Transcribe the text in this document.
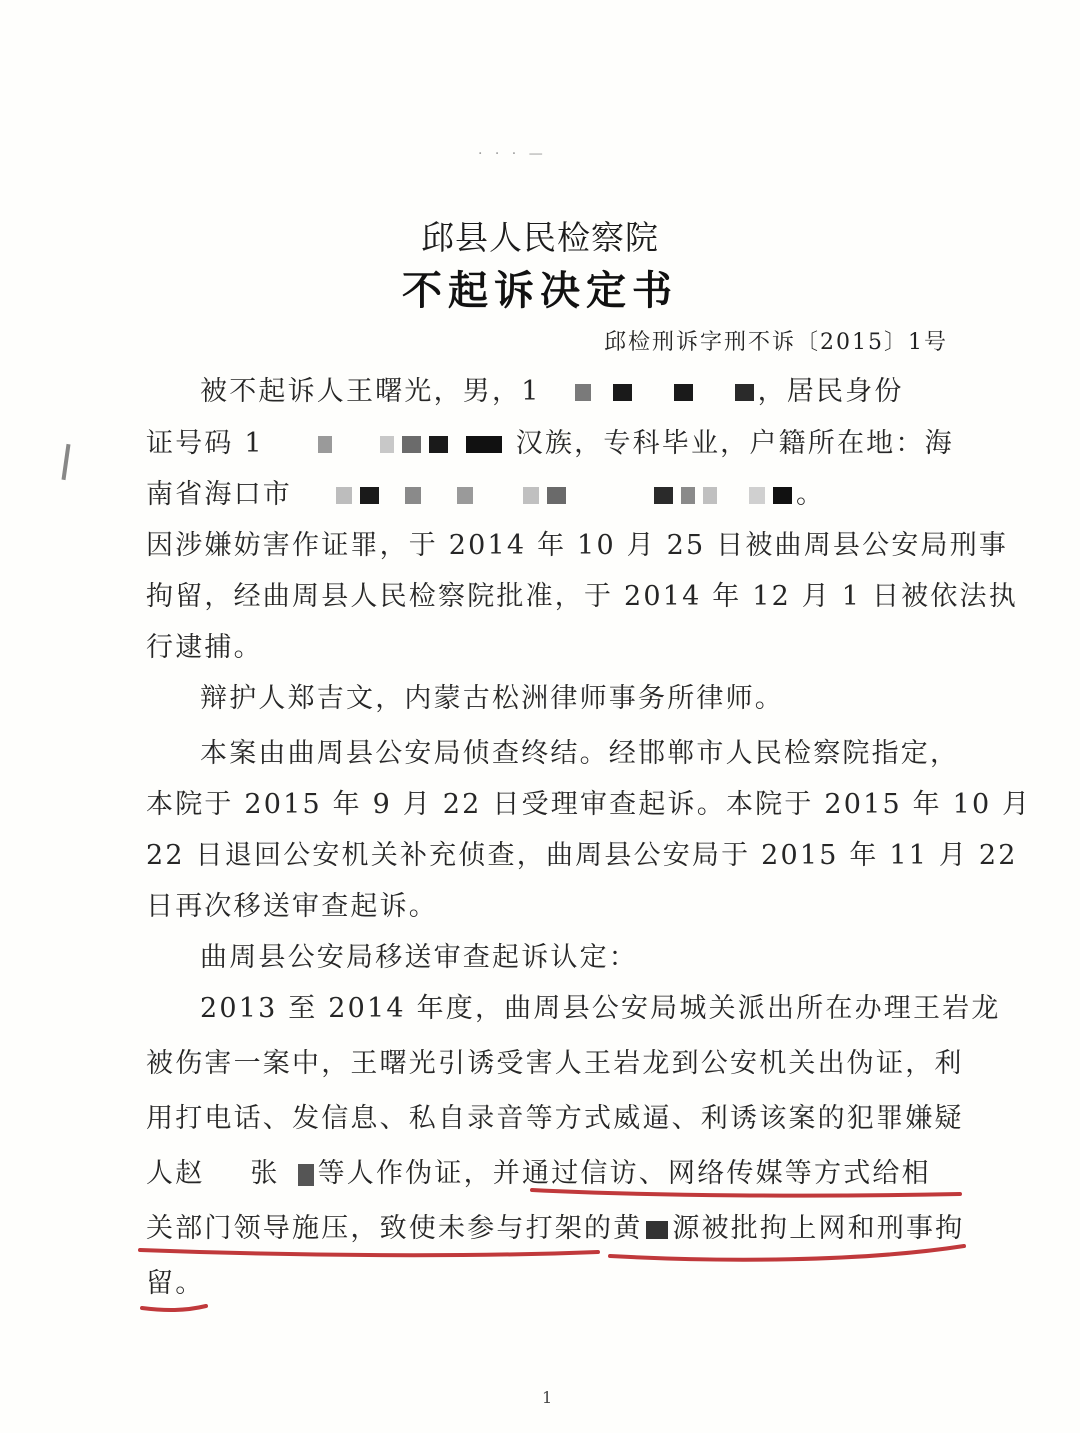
· · · —
邱县人民检察院
不起诉决定书
邱检刑诉字刑不诉〔2015〕1号
被不起诉人王曙光，男，1	，居民身份
证号码 1	汉族，专科毕业，户籍所在地：海
南省海口市	。
因涉嫌妨害作证罪，于 2014 年 10 月 25 日被曲周县公安局刑事
拘留，经曲周县人民检察院批准，于 2014 年 12 月 1 日被依法执
行逮捕。
辩护人郑吉文，内蒙古松洲律师事务所律师。
本案由曲周县公安局侦查终结。经邯郸市人民检察院指定，
本院于 2015 年 9 月 22 日受理审查起诉。本院于 2015 年 10 月
22 日退回公安机关补充侦查，曲周县公安局于 2015 年 11 月 22
日再次移送审查起诉。
曲周县公安局移送审查起诉认定：
2013 至 2014 年度，曲周县公安局城关派出所在办理王岩龙
被伤害一案中，王曙光引诱受害人王岩龙到公安机关出伪证，利
用打电话、发信息、私自录音等方式威逼、利诱该案的犯罪嫌疑
人赵 张 等人作伪证，并通过信访、网络传媒等方式给相
关部门领导施压，致使未参与打架的黄 源被批拘上网和刑事拘
留。
1
